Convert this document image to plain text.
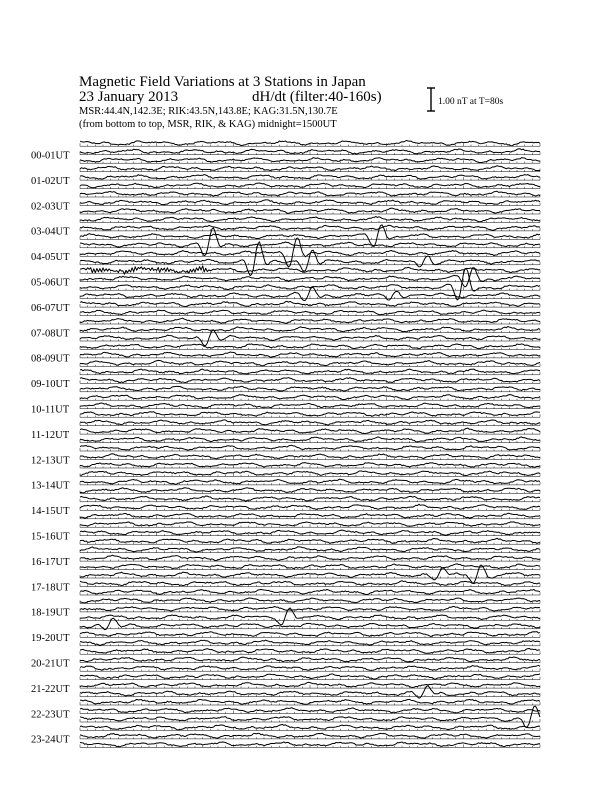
Magnetic Field Variations at 3 Stations in Japan
23 January 2013	dH/dt (filter:40-160s)
MSR:44.4N,142.3E; RIK:43.5N,143.8E; KAG:31.5N,130.7E
(from bottom to top, MSR, RIK, & KAG) midnight=1500UT
1.00 nT at T=80s
00-01UT
01-02UT
02-03UT
03-04UT
04-05UT
05-06UT
06-07UT
07-08UT
08-09UT
09-10UT
10-11UT
11-12UT
12-13UT
13-14UT
14-15UT
15-16UT
16-17UT
17-18UT
18-19UT
19-20UT
20-21UT
21-22UT
22-23UT
23-24UT
